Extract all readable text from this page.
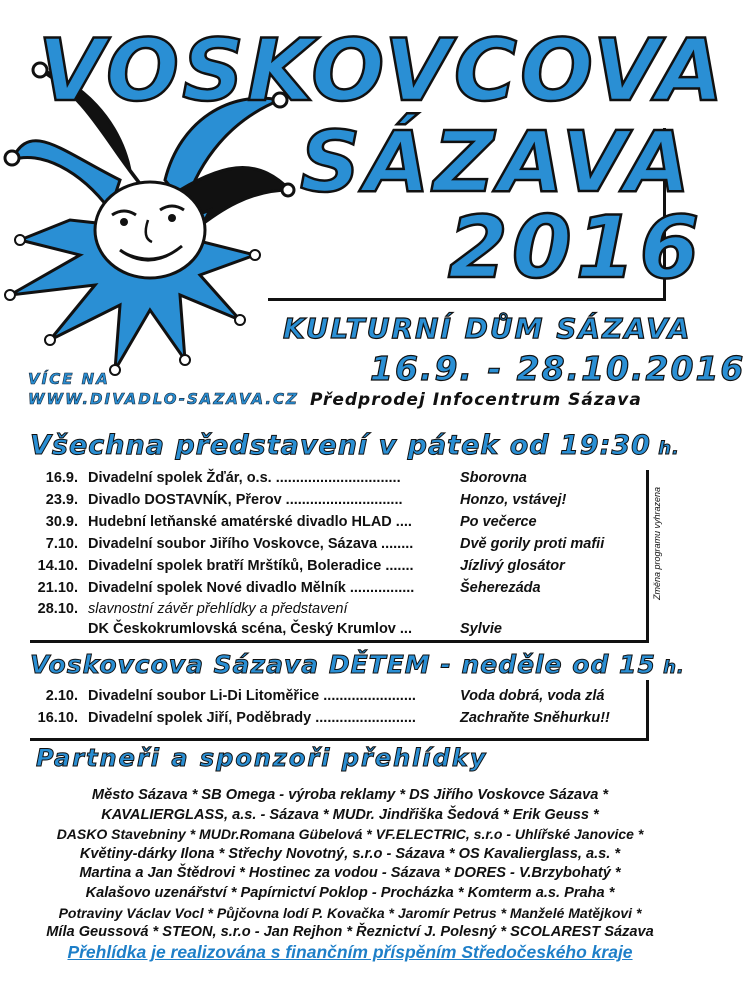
VOSKOVCOVA
SÁZAVA
2016
KULTURNÍ DŮM SÁZAVA
16.9. - 28.10.2016
VÍCE NA
WWW.DIVADLO-SAZAVA.CZ Předprodej Infocentrum Sázava
Všechna představení v pátek od 19:30 h.
Změna programu vyhrazena
16.9. Divadelní spolek Žďár, o.s. ...............................	Sborovna
23.9. Divadlo DOSTAVNÍK, Přerov .............................	Honzo, vstávej!
30.9. Hudební letňanské amatérské divadlo HLAD ....	Po večerce
7.10. Divadelní soubor Jiřího Voskovce, Sázava ........	Dvě gorily proti mafii
14.10. Divadelní spolek bratří Mrštíků, Boleradice .......	Jízlivý glosátor
21.10. Divadelní spolek Nové divadlo Mělník ................	Šeherezáda
28.10. slavnostní závěr přehlídky a představení
DK Českokrumlovská scéna, Český Krumlov ...	Sylvie
Voskovcova Sázava DĚTEM - neděle od 15 h.
2.10. Divadelní soubor Li-Di Litoměřice .......................	Voda dobrá, voda zlá
16.10. Divadelní spolek Jiří, Poděbrady .........................	Zachraňte Sněhurku!!
Partneři a sponzoři přehlídky
Město Sázava * SB Omega - výroba reklamy * DS Jiřího Voskovce Sázava *
KAVALIERGLASS, a.s. - Sázava * MUDr. Jindřiška Šedová * Erik Geuss *
DASKO Stavebniny * MUDr.Romana Gübelová * VF.ELECTRIC, s.r.o - Uhlířské Janovice *
Květiny-dárky Ilona * Střechy Novotný, s.r.o - Sázava * OS Kavalierglass, a.s. *
Martina a Jan Štědrovi * Hostinec za vodou - Sázava * DORES - V.Brzybohatý *
Kalašovo uzenářství * Papírnictví Poklop - Procházka * Komterm a.s. Praha *
Potraviny Václav Vocl * Půjčovna lodí P. Kovačka * Jaromír Petrus * Manželé Matějkovi *
Míla Geussová * STEON, s.r.o - Jan Rejhon * Řeznictví J. Polesný * SCOLAREST Sázava
Přehlídka je realizována s finančním příspěním Středočeského kraje
